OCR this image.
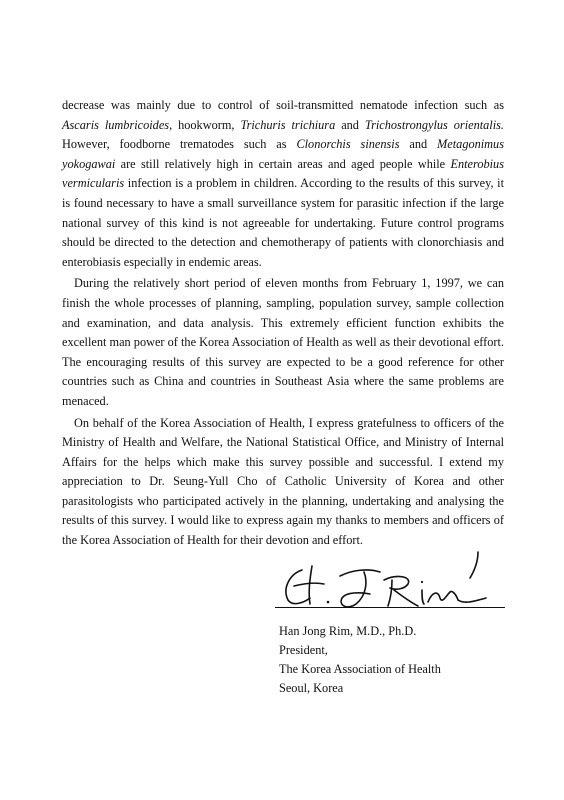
decrease was mainly due to control of soil-transmitted nematode infection such as Ascaris lumbricoides, hookworm, Trichuris trichiura and Trichostrongylus orientalis. However, foodborne trematodes such as Clonorchis sinensis and Metagonimus yokogawai are still relatively high in certain areas and aged people while Enterobius vermicularis infection is a problem in children. According to the results of this survey, it is found necessary to have a small surveillance system for parasitic infection if the large national survey of this kind is not agreeable for undertaking. Future control programs should be directed to the detection and chemotherapy of patients with clonorchiasis and enterobiasis especially in endemic areas.

During the relatively short period of eleven months from February 1, 1997, we can finish the whole processes of planning, sampling, population survey, sample collection and examination, and data analysis. This extremely efficient function exhibits the excellent man power of the Korea Association of Health as well as their devotional effort. The encouraging results of this survey are expected to be a good reference for other countries such as China and countries in Southeast Asia where the same problems are menaced.

On behalf of the Korea Association of Health, I express gratefulness to officers of the Ministry of Health and Welfare, the National Statistical Office, and Ministry of Internal Affairs for the helps which make this survey possible and successful. I extend my appreciation to Dr. Seung-Yull Cho of Catholic University of Korea and other parasitologists who participated actively in the planning, undertaking and analysing the results of this survey. I would like to express again my thanks to members and officers of the Korea Association of Health for their devotion and effort.

Han Jong Rim, M.D., Ph.D.
President,
The Korea Association of Health
Seoul, Korea
